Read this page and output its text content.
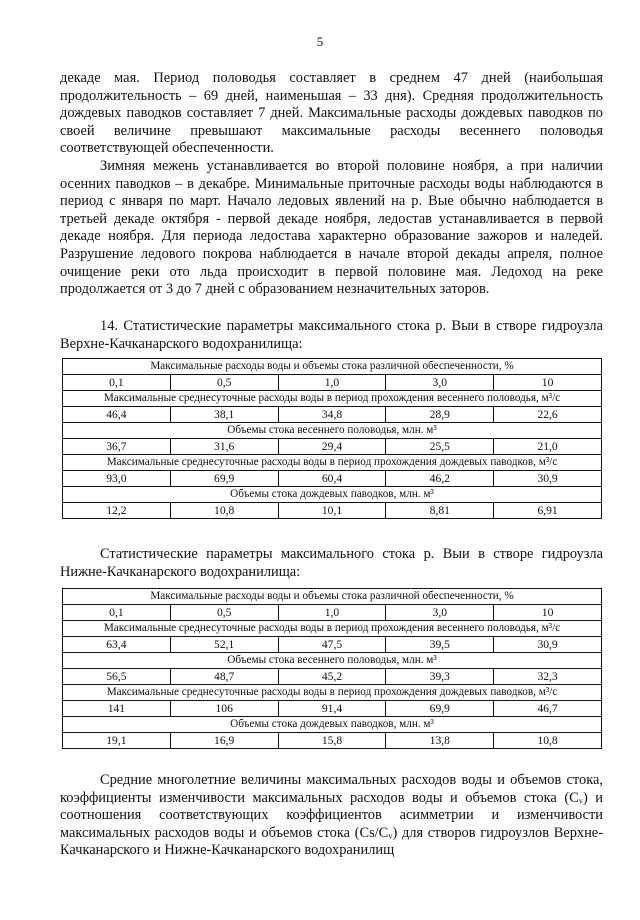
5

декаде мая. Период половодья составляет в среднем 47 дней (наибольшая продолжительность – 69 дней, наименьшая – 33 дня). Средняя продолжительность дождевых паводков составляет 7 дней. Максимальные расходы дождевых паводков по своей величине превышают максимальные расходы весеннего половодья соответствующей обеспеченности.

Зимняя межень устанавливается во второй половине ноября, а при наличии осенних паводков – в декабре. Минимальные приточные расходы воды наблюдаются в период с января по март. Начало ледовых явлений на р. Вые обычно наблюдается в третьей декаде октября - первой декаде ноября, ледостав устанавливается в первой декаде ноября. Для периода ледостава характерно образование зажоров и наледей. Разрушение ледового покрова наблюдается в начале второй декады апреля, полное очищение реки ото льда происходит в первой половине мая. Ледоход на реке продолжается от 3 до 7 дней с образованием незначительных заторов.

14. Статистические параметры максимального стока р. Выи в створе гидроузла Верхне-Качканарского водохранилища:

Максимальные расходы воды и объемы стока различной обеспеченности, %				
0,1	0,5	1,0	3,0	10
Максимальные среднесуточные расходы воды в период прохождения весеннего половодья, м³/с				
46,4	38,1	34,8	28,9	22,6
Объемы стока весеннего половодья, млн. м³				
36,7	31,6	29,4	25,5	21,0
Максимальные среднесуточные расходы воды в период прохождения дождевых паводков, м³/с				
93,0	69,9	60,4	46,2	30,9
Объемы стока дождевых паводков, млн. м³				
12,2	10,8	10,1	8,81	6,91

Статистические параметры максимального стока р. Выи в створе гидроузла Нижне-Качканарского водохранилища:

Максимальные расходы воды и объемы стока различной обеспеченности, %				
0,1	0,5	1,0	3,0	10
Максимальные среднесуточные расходы воды в период прохождения весеннего половодья, м³/с				
63,4	52,1	47,5	39,5	30,9
Объемы стока весеннего половодья, млн. м³				
56,5	48,7	45,2	39,3	32,3
Максимальные среднесуточные расходы воды в период прохождения дождевых паводков, м³/с				
141	106	91,4	69,9	46,7
Объемы стока дождевых паводков, млн. м³				
19,1	16,9	15,8	13,8	10,8

Средние многолетние величины максимальных расходов воды и объемов стока, коэффициенты изменчивости максимальных расходов воды и объемов стока (Cᵥ) и соотношения соответствующих коэффициентов асимметрии и изменчивости максимальных расходов воды и объемов стока (Cs/Cᵥ) для створов гидроузлов Верхне-Качканарского и Нижне-Качканарского водохранилищ
